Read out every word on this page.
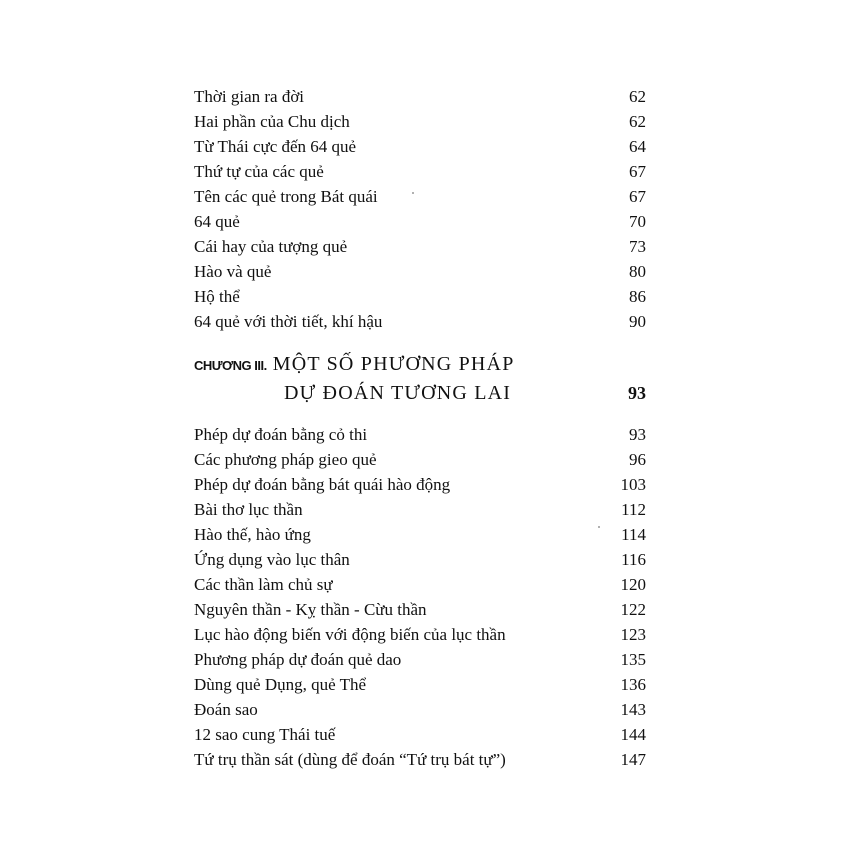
Thời gian ra đời	62
Hai phần của Chu dịch	62
Từ Thái cực đến 64 quẻ	64
Thứ tự của các quẻ	67
Tên các quẻ trong Bát quái	67
64 quẻ	70
Cái hay của tượng quẻ	73
Hào và quẻ	80
Hộ thể	86
64 quẻ với thời tiết, khí hậu	90
CHƯƠNG III. MỘT SỐ PHƯƠNG PHÁP
DỰ ĐOÁN TƯƠNG LAI	93
Phép dự đoán bằng cỏ thi	93
Các phương pháp gieo quẻ	96
Phép dự đoán bằng bát quái hào động	103
Bài thơ lục thần	112
Hào thế, hào ứng	114
Ứng dụng vào lục thân	116
Các thần làm chủ sự	120
Nguyên thần - Kỵ thần - Cừu thần	122
Lục hào động biến với động biến của lục thần	123
Phương pháp dự đoán quẻ dao	135
Dùng quẻ Dụng, quẻ Thể	136
Đoán sao	143
12 sao cung Thái tuế	144
Tứ trụ thần sát (dùng để đoán “Tứ trụ bát tự”)	147
